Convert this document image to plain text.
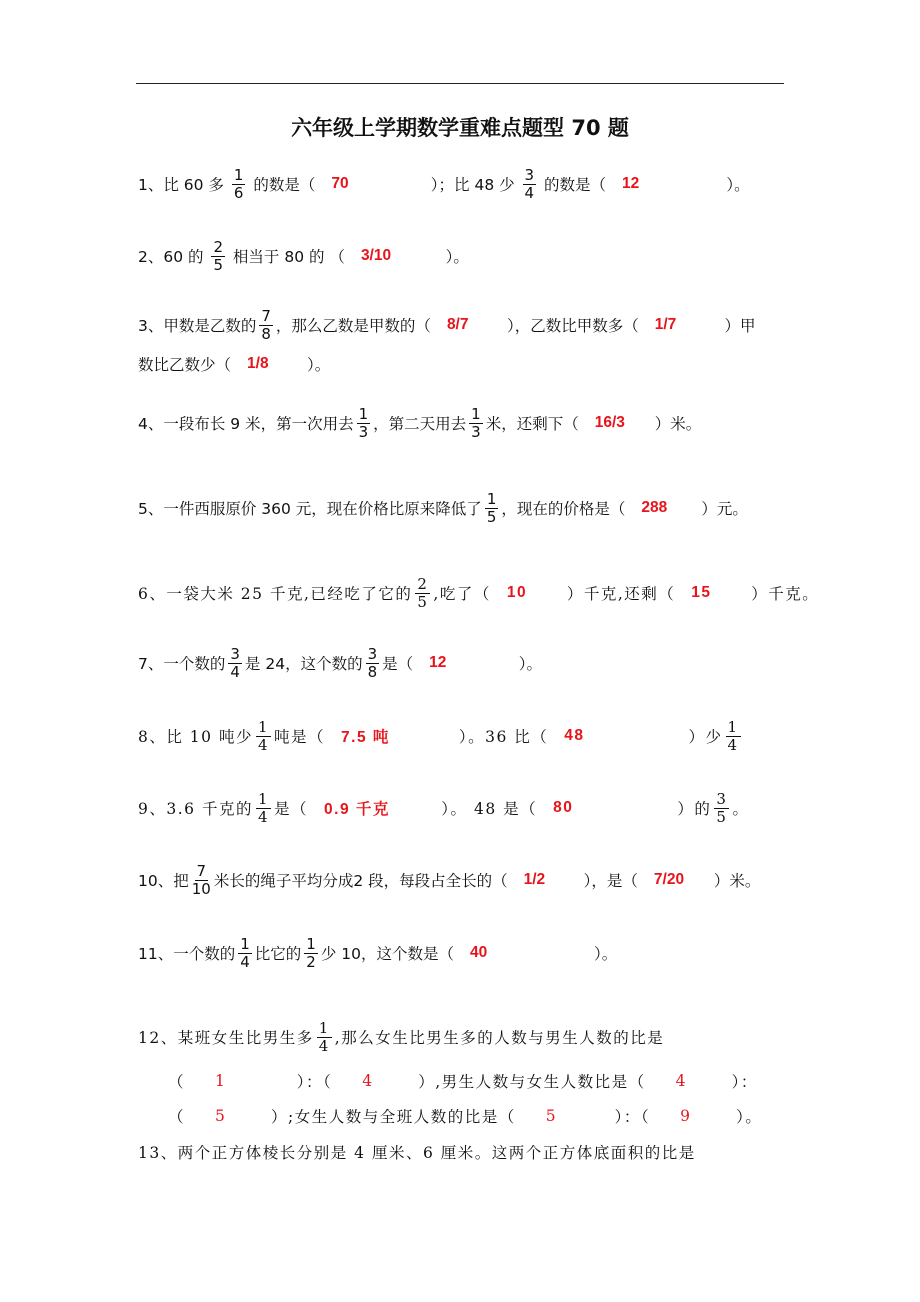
六年级上学期数学重难点题型 70 题
1、比 60 多 $\frac{1}{6}$ 的数是（	70	）；比 48 少 $\frac{3}{4}$ 的数是（	12	）。
2、60 的 $\frac{2}{5}$ 相当于 80 的 （	3/10	）。
3、甲数是乙数的 $\frac{7}{8}$ ，那么乙数是甲数的（	8/7	），乙数比甲数多（	1/7	）甲
数比乙数少（	1/8	）。
4、一段布长 9 米，第一次用去 $\frac{1}{3}$ ，第二天用去 $\frac{1}{3}$ 米，还剩下（	16/3	）米。
5、一件西服原价 360 元，现在价格比原来降低了 $\frac{1}{5}$ ，现在的价格是（	288	）元。
6、一袋大米 25 千克,已经吃了它的 $\frac{2}{5}$ ,吃了（	10	）千克,还剩（	15	）千克。
7、一个数的 $\frac{3}{4}$ 是 24，这个数的 $\frac{3}{8}$ 是（	12	）。
8、比 10 吨少 $\frac{1}{4}$ 吨是（	7.5 吨 ）。36 比（	48	）少 $\frac{1}{4}$
9、3.6 千克的 $\frac{1}{4}$ 是（	0.9 千克 ）。 48 是（	80	）的 $\frac{3}{5}$ 。
10、把 $\frac{7}{10}$ 米长的绳子平均分成2 段，每段占全长的（	1/2	），是（	7/20	）米。
11、一个数的 $\frac{1}{4}$ 比它的 $\frac{1}{2}$ 少 10，这个数是（	40	）。
12、某班女生比男生多 $\frac{1}{4}$ ,那么女生比男生多的人数与男生人数的比是
（	1	）：（	4	）,男生人数与女生人数比是（	4	）：
（	5	）;女生人数与全班人数的比是（	5	）：（	9	）。
13、两个正方体棱长分别是 4 厘米、6 厘米。这两个正方体底面积的比是
